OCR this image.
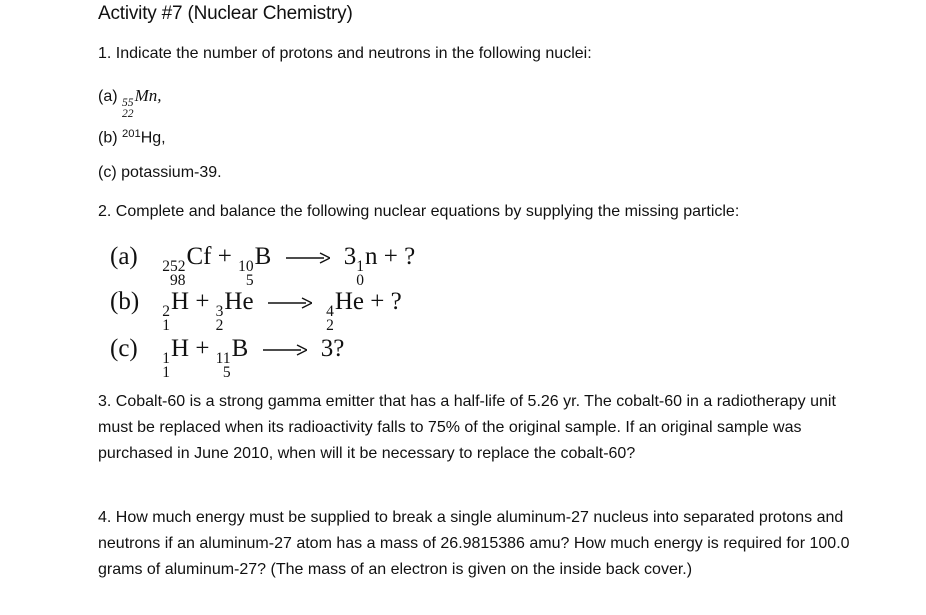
Activity #7 (Nuclear Chemistry)
1. Indicate the number of protons and neutrons in the following nuclei:
(a) 55
22
Mn,
(b) $^{201}$Hg,
(c) potassium-39.
2. Complete and balance the following nuclear equations by supplying the missing particle:
(a) 252
98
Cf + 10
5
B → 3 1
0
n + ?
(b) 2
1
H + 3
2
He → 4
2
He + ?
(c) 1
1
H + 11
5
B → 3?
3. Cobalt-60 is a strong gamma emitter that has a half-life of 5.26 yr. The cobalt-60 in a radiotherapy unit must be replaced when its radioactivity falls to 75% of the original sample. If an original sample was purchased in June 2010, when will it be necessary to replace the cobalt-60?
4. How much energy must be supplied to break a single aluminum-27 nucleus into separated protons and neutrons if an aluminum-27 atom has a mass of 26.9815386 amu? How much energy is required for 100.0 grams of aluminum-27? (The mass of an electron is given on the inside back cover.)
